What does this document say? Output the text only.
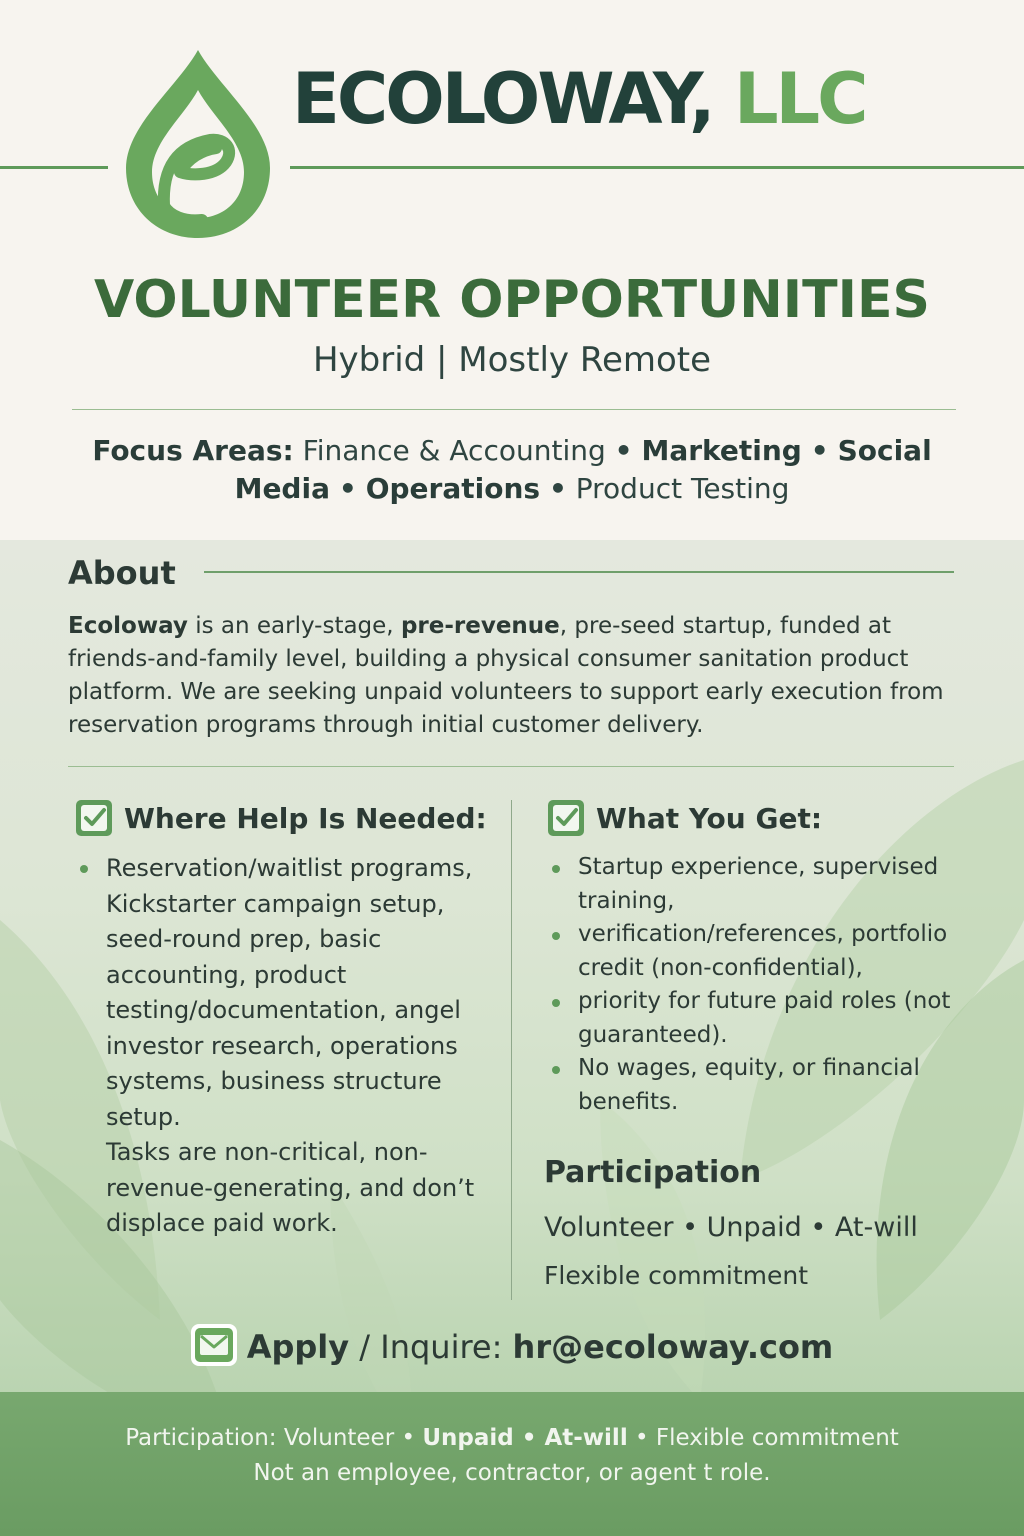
ECOLOWAY, LLC
VOLUNTEER OPPORTUNITIES
Hybrid | Mostly Remote
Focus Areas: Finance & Accounting • Marketing • Social Media • Operations • Product Testing
About
Ecoloway is an early-stage, pre-revenue, pre-seed startup, funded at friends-and-family level, building a physical consumer sanitation product platform. We are seeking unpaid volunteers to support early execution from reservation programs through initial customer delivery.
Where Help Is Needed:
Reservation/waitlist programs, Kickstarter campaign setup, seed-round prep, basic accounting, product testing/documentation, angel investor research, operations systems, business structure setup.
Tasks are non-critical, non-revenue-generating, and don’t displace paid work.
What You Get:
Startup experience, supervised training,
verification/references, portfolio credit (non-confidential),
priority for future paid roles (not guaranteed).
No wages, equity, or financial benefits.
Participation
Volunteer • Unpaid • At-will
Flexible commitment
Apply / Inquire: hr@ecoloway.com
Participation: Volunteer • Unpaid • At-will • Flexible commitment
Not an employee, contractor, or agent t role.
